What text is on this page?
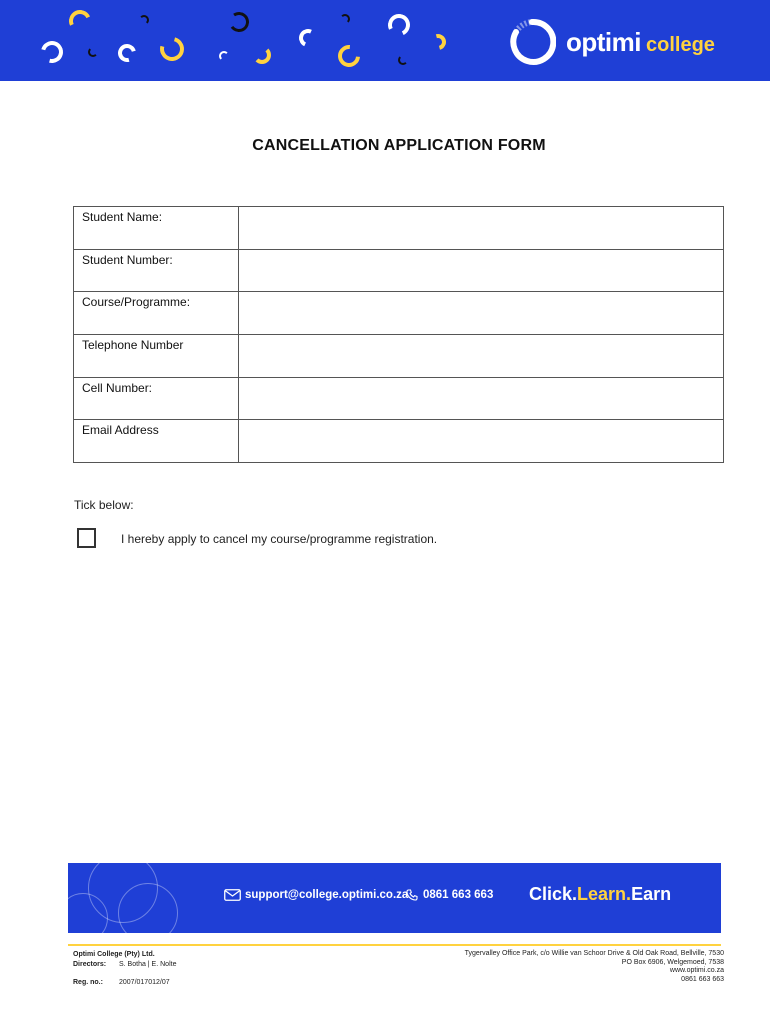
optimi college
CANCELLATION APPLICATION FORM
Student Name:	
Student Number:	
Course/Programme:	
Telephone Number	
Cell Number:	
Email Address	
Tick below:
I hereby apply to cancel my course/programme registration.
support@college.optimi.co.za 0861 663 663 Click.Learn.Earn
Optimi College (Pty) Ltd.
Directors:	S. Botha | E. Nolte
Reg. no.:	2007/017012/07
Tygervalley Office Park, c/o Willie van Schoor Drive & Old Oak Road, Bellville, 7530
PO Box 6906, Welgemoed, 7538
www.optimi.co.za
0861 663 663
